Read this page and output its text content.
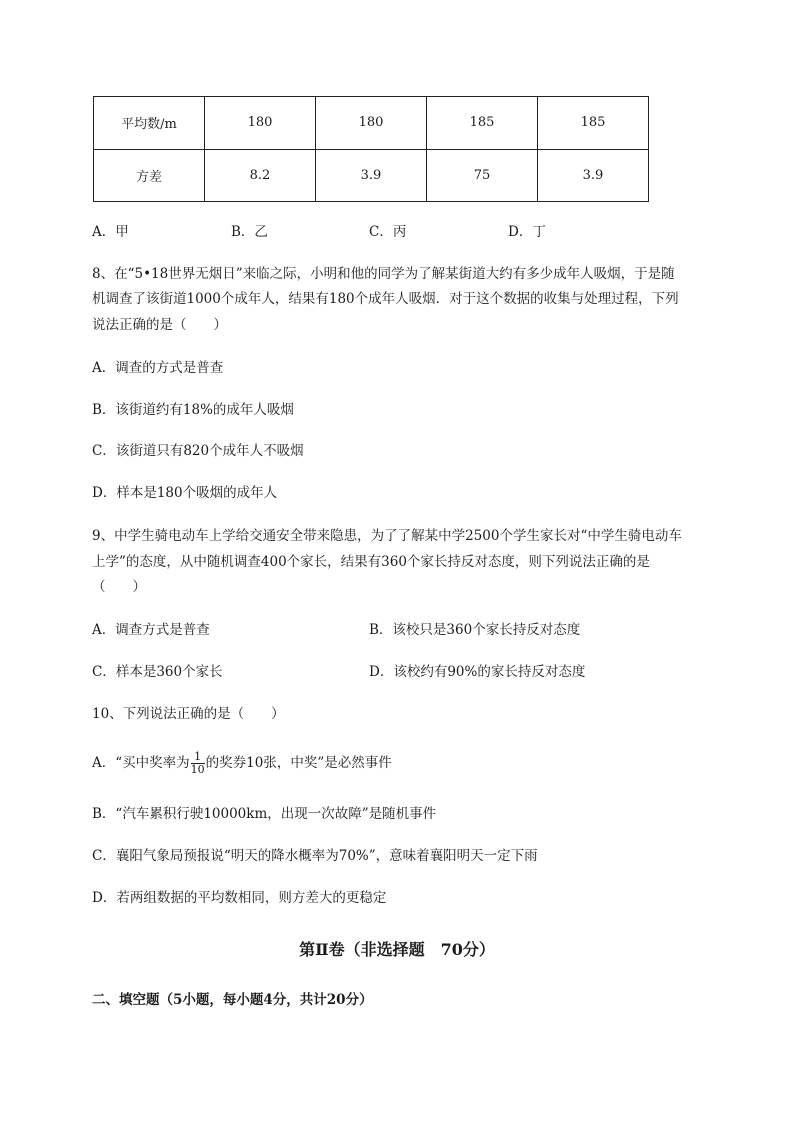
平均数/m	180	180	185	185
方差	8.2	3.9	75	3.9
A．甲	B．乙	C．丙	D．丁
8、在“5•18世界无烟日”来临之际，小明和他的同学为了解某街道大约有多少成年人吸烟，于是随
机调查了该街道1000个成年人，结果有180个成年人吸烟．对于这个数据的收集与处理过程，下列
说法正确的是（　　）
A．调查的方式是普查
B．该街道约有18%的成年人吸烟
C．该街道只有820个成年人不吸烟
D．样本是180个吸烟的成年人
9、中学生骑电动车上学给交通安全带来隐患，为了了解某中学2500个学生家长对“中学生骑电动车
上学”的态度，从中随机调查400个家长，结果有360个家长持反对态度，则下列说法正确的是
（　　）
A．调查方式是普查	B．该校只是360个家长持反对态度
C．样本是360个家长	D．该校约有90%的家长持反对态度
10、下列说法正确的是（　　）
A．“买中奖率为 $\frac{1}{10}$ 的奖券10张，中奖”是必然事件
B．“汽车累积行驶10000km，出现一次故障”是随机事件
C．襄阳气象局预报说“明天的降水概率为70%”，意味着襄阳明天一定下雨
D．若两组数据的平均数相同，则方差大的更稳定
第Ⅱ卷（非选择题　70分）
二、填空题（5小题，每小题4分，共计20分）
